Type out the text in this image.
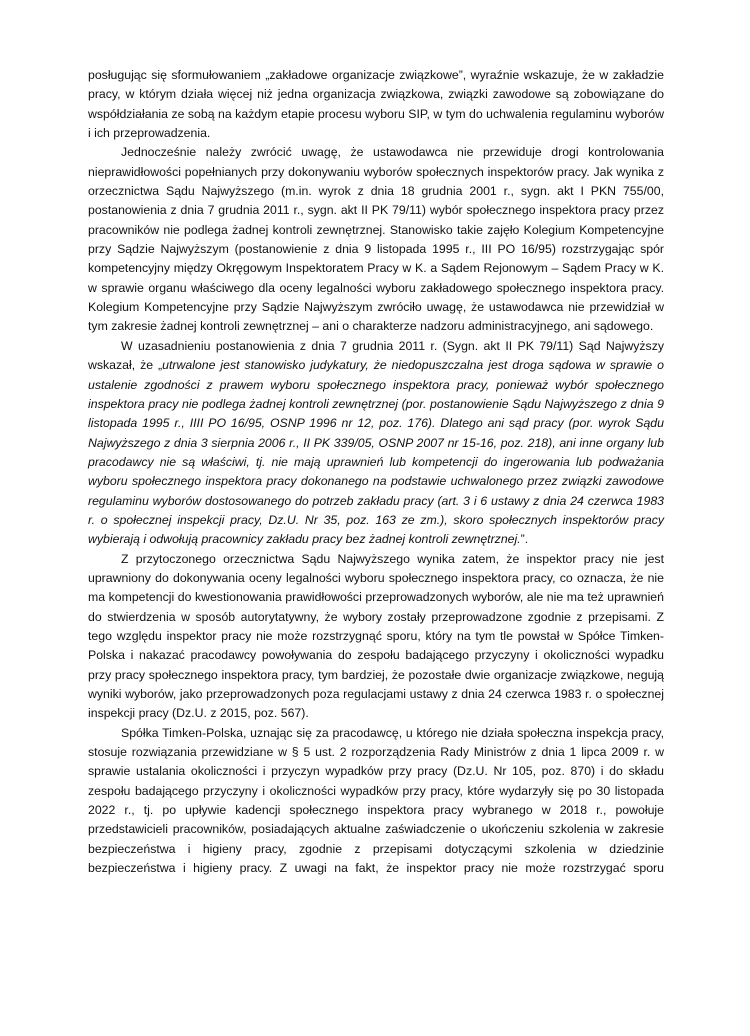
posługując się sformułowaniem „zakładowe organizacje związkowe”, wyraźnie wskazuje, że w zakładzie pracy, w którym działa więcej niż jedna organizacja związkowa, związki zawodowe są zobowiązane do współdziałania ze sobą na każdym etapie procesu wyboru SIP, w tym do uchwalenia regulaminu wyborów i ich przeprowadzenia.

Jednocześnie należy zwrócić uwagę, że ustawodawca nie przewiduje drogi kontrolowania nieprawidłowości popełnianych przy dokonywaniu wyborów społecznych inspektorów pracy. Jak wynika z orzecznictwa Sądu Najwyższego (m.in. wyrok z dnia 18 grudnia 2001 r., sygn. akt I PKN 755/00, postanowienia z dnia 7 grudnia 2011 r., sygn. akt II PK 79/11) wybór społecznego inspektora pracy przez pracowników nie podlega żadnej kontroli zewnętrznej. Stanowisko takie zajęło Kolegium Kompetencyjne przy Sądzie Najwyższym (postanowienie z dnia 9 listopada 1995 r., III PO 16/95) rozstrzygając spór kompetencyjny między Okręgowym Inspektoratem Pracy w K. a Sądem Rejonowym – Sądem Pracy w K. w sprawie organu właściwego dla oceny legalności wyboru zakładowego społecznego inspektora pracy. Kolegium Kompetencyjne przy Sądzie Najwyższym zwróciło uwagę, że ustawodawca nie przewidział w tym zakresie żadnej kontroli zewnętrznej – ani o charakterze nadzoru administracyjnego, ani sądowego.

W uzasadnieniu postanowienia z dnia 7 grudnia 2011 r. (Sygn. akt II PK 79/11) Sąd Najwyższy wskazał, że „utrwalone jest stanowisko judykatury, że niedopuszczalna jest droga sądowa w sprawie o ustalenie zgodności z prawem wyboru społecznego inspektora pracy, ponieważ wybór społecznego inspektora pracy nie podlega żadnej kontroli zewnętrznej (por. postanowienie Sądu Najwyższego z dnia 9 listopada 1995 r., IIII PO 16/95, OSNP 1996 nr 12, poz. 176). Dlatego ani sąd pracy (por. wyrok Sądu Najwyższego z dnia 3 sierpnia 2006 r., II PK 339/05, OSNP 2007 nr 15-16, poz. 218), ani inne organy lub pracodawcy nie są właściwi, tj. nie mają uprawnień lub kompetencji do ingerowania lub podważania wyboru społecznego inspektora pracy dokonanego na podstawie uchwalonego przez związki zawodowe regulaminu wyborów dostosowanego do potrzeb zakładu pracy (art. 3 i 6 ustawy z dnia 24 czerwca 1983 r. o społecznej inspekcji pracy, Dz.U. Nr 35, poz. 163 ze zm.), skoro społecznych inspektorów pracy wybierają i odwołują pracownicy zakładu pracy bez żadnej kontroli zewnętrznej.”.

Z przytoczonego orzecznictwa Sądu Najwyższego wynika zatem, że inspektor pracy nie jest uprawniony do dokonywania oceny legalności wyboru społecznego inspektora pracy, co oznacza, że nie ma kompetencji do kwestionowania prawidłowości przeprowadzonych wyborów, ale nie ma też uprawnień do stwierdzenia w sposób autorytatywny, że wybory zostały przeprowadzone zgodnie z przepisami. Z tego względu inspektor pracy nie może rozstrzygnąć sporu, który na tym tle powstał w Spółce Timken-Polska i nakazać pracodawcy powoływania do zespołu badającego przyczyny i okoliczności wypadku przy pracy społecznego inspektora pracy, tym bardziej, że pozostałe dwie organizacje związkowe, negują wyniki wyborów, jako przeprowadzonych poza regulacjami ustawy z dnia 24 czerwca 1983 r. o społecznej inspekcji pracy (Dz.U. z 2015, poz. 567).

Spółka Timken-Polska, uznając się za pracodawcę, u którego nie działa społeczna inspekcja pracy, stosuje rozwiązania przewidziane w § 5 ust. 2 rozporządzenia Rady Ministrów z dnia 1 lipca 2009 r. w sprawie ustalania okoliczności i przyczyn wypadków przy pracy (Dz.U. Nr 105, poz. 870) i do składu zespołu badającego przyczyny i okoliczności wypadków przy pracy, które wydarzyły się po 30 listopada 2022 r., tj. po upływie kadencji społecznego inspektora pracy wybranego w 2018 r., powołuje przedstawicieli pracowników, posiadających aktualne zaświadczenie o ukończeniu szkolenia w zakresie bezpieczeństwa i higieny pracy, zgodnie z przepisami dotyczącymi szkolenia w dziedzinie bezpieczeństwa i higieny pracy. Z uwagi na fakt, że inspektor pracy nie może rozstrzygać sporu
